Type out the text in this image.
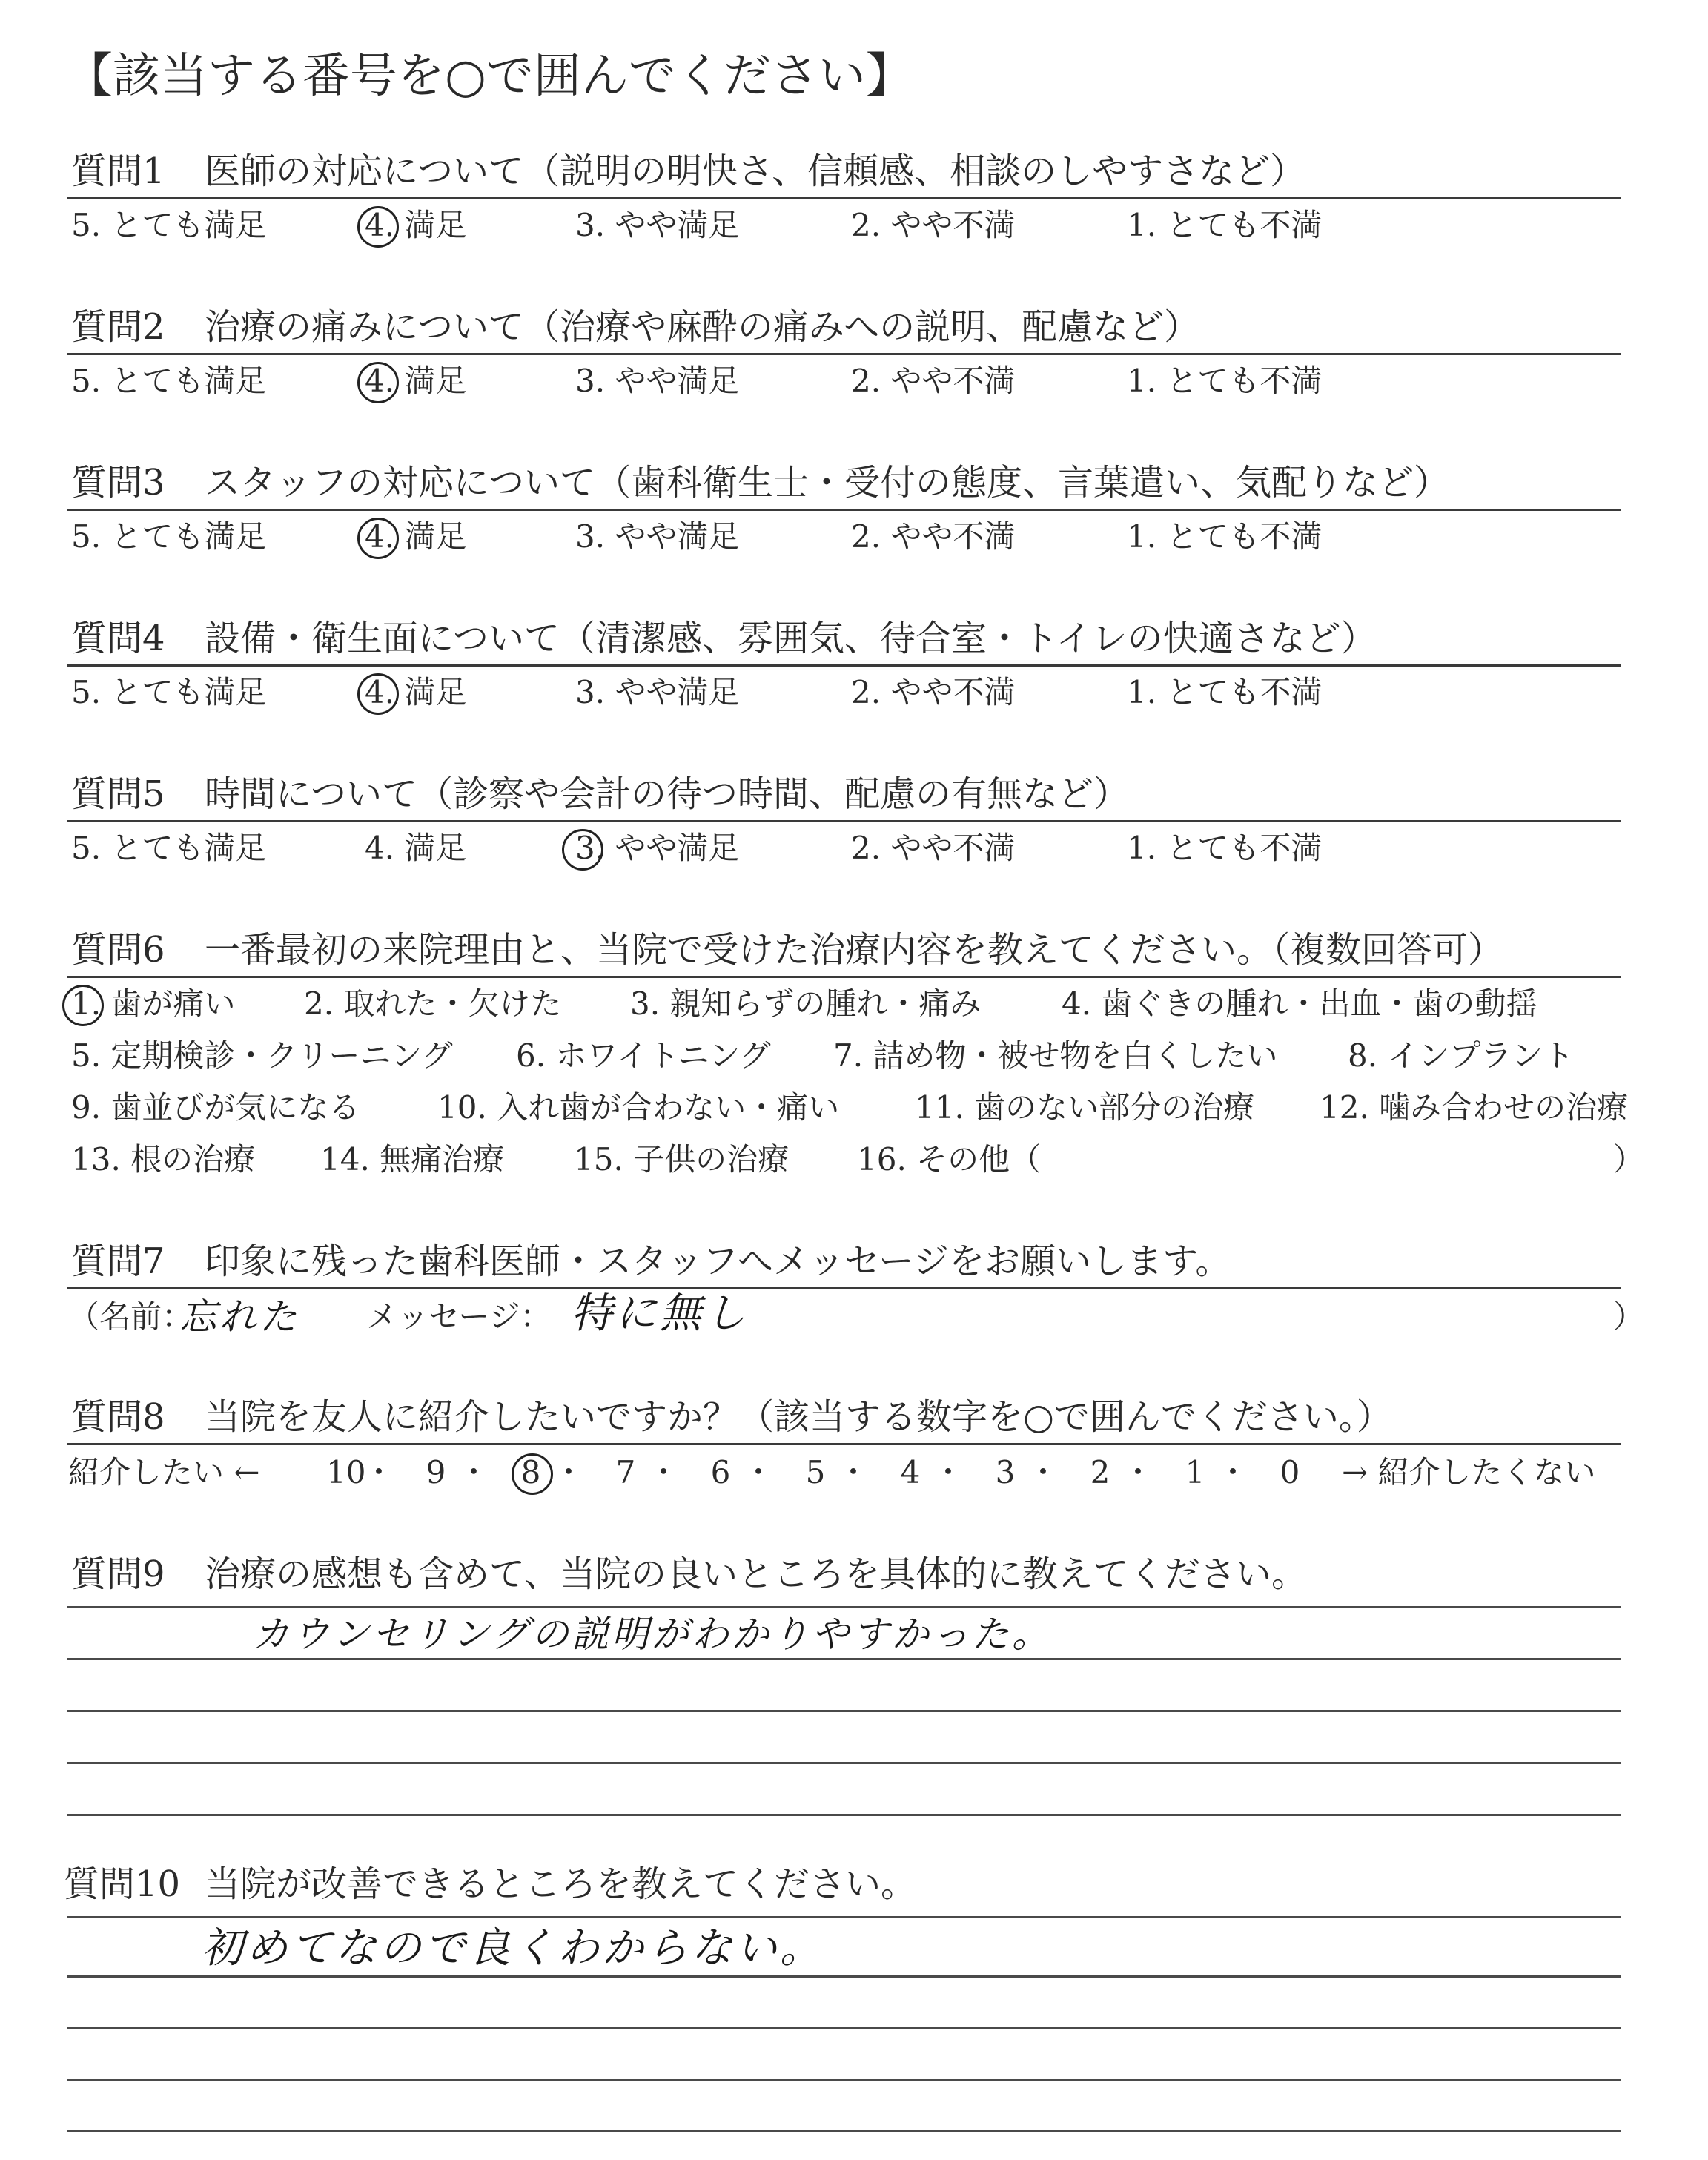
【該当する番号を○で囲んでください】
質問1 医師の対応について（説明の明快さ、信頼感、相談のしやすさなど）
5. とても満足	4. 満足	3. やや満足	2. やや不満	1. とても不満
質問2 治療の痛みについて（治療や麻酔の痛みへの説明、配慮など）
5. とても満足	4. 満足	3. やや満足	2. やや不満	1. とても不満
質問3 スタッフの対応について（歯科衛生士・受付の態度、言葉遣い、気配りなど）
5. とても満足	4. 満足	3. やや満足	2. やや不満	1. とても不満
質問4 設備・衛生面について（清潔感、雰囲気、待合室・トイレの快適さなど）
5. とても満足	4. 満足	3. やや満足	2. やや不満	1. とても不満
質問5 時間について（診察や会計の待つ時間、配慮の有無など）
5. とても満足	4. 満足	3. やや満足	2. やや不満	1. とても不満
質問6 一番最初の来院理由と、当院で受けた治療内容を教えてください。（複数回答可）
1. 歯が痛い 2. 取れた・欠けた 3. 親知らずの腫れ・痛み	4. 歯ぐきの腫れ・出血・歯の動揺
5. 定期検診・クリーニング 6. ホワイトニング 7. 詰め物・被せ物を白くしたい 8. インプラント
9. 歯並びが気になる 10. 入れ歯が合わない・痛い 11. 歯のない部分の治療 12. 噛み合わせの治療
13. 根の治療 14. 無痛治療 15. 子供の治療 16. その他（	）
質問7 印象に残った歯科医師・スタッフへメッセージをお願いします。
（名前：
忘れた メッセージ： 特に無し	）
質問8 当院を友人に紹介したいですか？（該当する数字を○で囲んでください。）
紹介したい ← 10
・ 9 ・ 8 ・ 7 ・ 6 ・ 5 ・ 4 ・ 3 ・ 2 ・ 1 ・ 0 → 紹介したくない
質問9 治療の感想も含めて、当院の良いところを具体的に教えてください。
カウンセリングの説明がわかりやすかった。
質問10 当院が改善できるところを教えてください。
初めてなので良くわからない。
